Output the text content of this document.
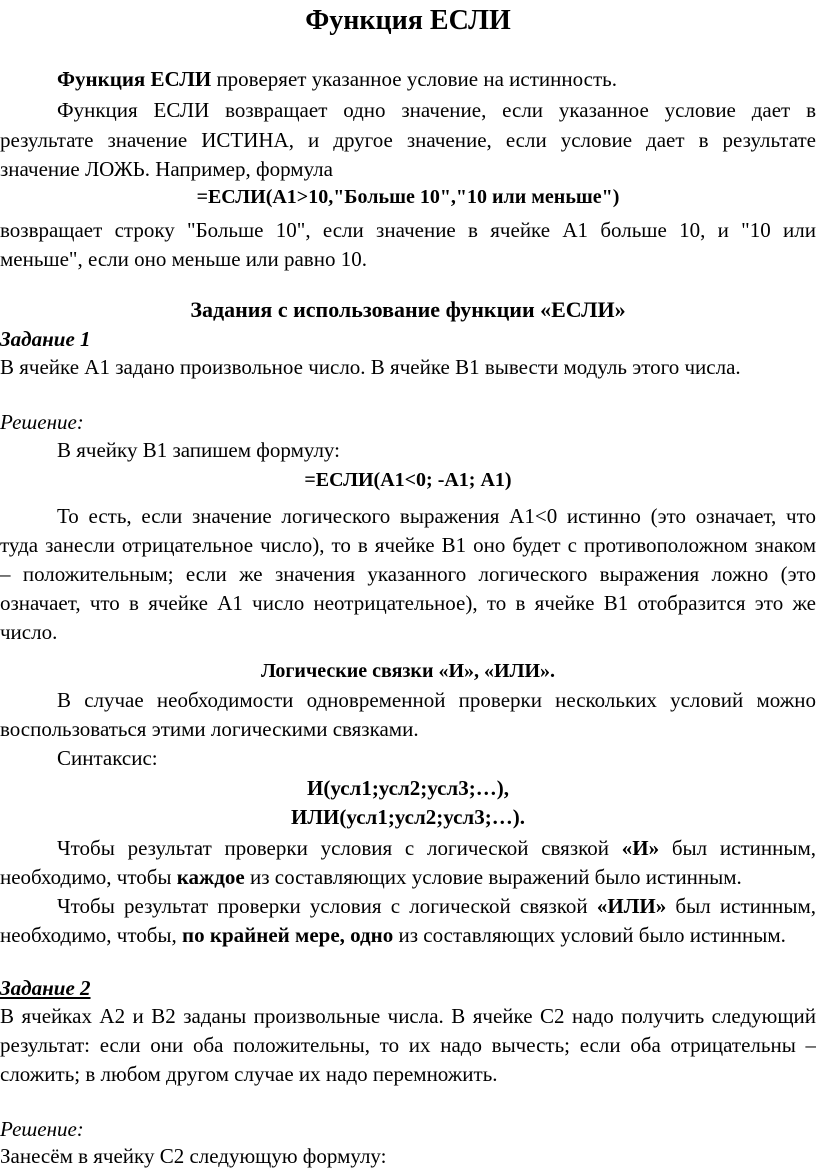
Функция ЕСЛИ
Функция ЕСЛИ проверяет указанное условие на истинность.
Функция ЕСЛИ возвращает одно значение, если указанное условие дает в
результате значение ИСТИНА, и другое значение, если условие дает в результате
значение ЛОЖЬ. Например, формула
=ЕСЛИ(A1>10,"Больше 10","10 или меньше")
возвращает строку "Больше 10", если значение в ячейке A1 больше 10, и "10 или
меньше", если оно меньше или равно 10.
Задания с использование функции «ЕСЛИ»
Задание 1
В ячейке А1 задано произвольное число. В ячейке В1 вывести модуль этого числа.
Решение:
В ячейку В1 запишем формулу:
=ЕСЛИ(А1<0; -А1; А1)
То есть, если значение логического выражения А1<0 истинно (это означает, что
туда занесли отрицательное число), то в ячейке В1 оно будет с противоположном знаком
– положительным; если же значения указанного логического выражения ложно (это
означает, что в ячейке А1 число неотрицательное), то в ячейке В1 отобразится это же
число.
Логические связки «И», «ИЛИ».
В случае необходимости одновременной проверки нескольких условий можно
воспользоваться этими логическими связками.
Синтаксис:
И(усл1;усл2;усл3;…),
ИЛИ(усл1;усл2;усл3;…).
Чтобы результат проверки условия с логической связкой «И» был истинным,
необходимо, чтобы каждое из составляющих условие выражений было истинным.
Чтобы результат проверки условия с логической связкой «ИЛИ» был истинным,
необходимо, чтобы, по крайней мере, одно из составляющих условий было истинным.
Задание 2
В ячейках А2 и В2 заданы произвольные числа. В ячейке С2 надо получить следующий
результат: если они оба положительны, то их надо вычесть; если оба отрицательны –
сложить; в любом другом случае их надо перемножить.
Решение:
Занесём в ячейку С2 следующую формулу:
